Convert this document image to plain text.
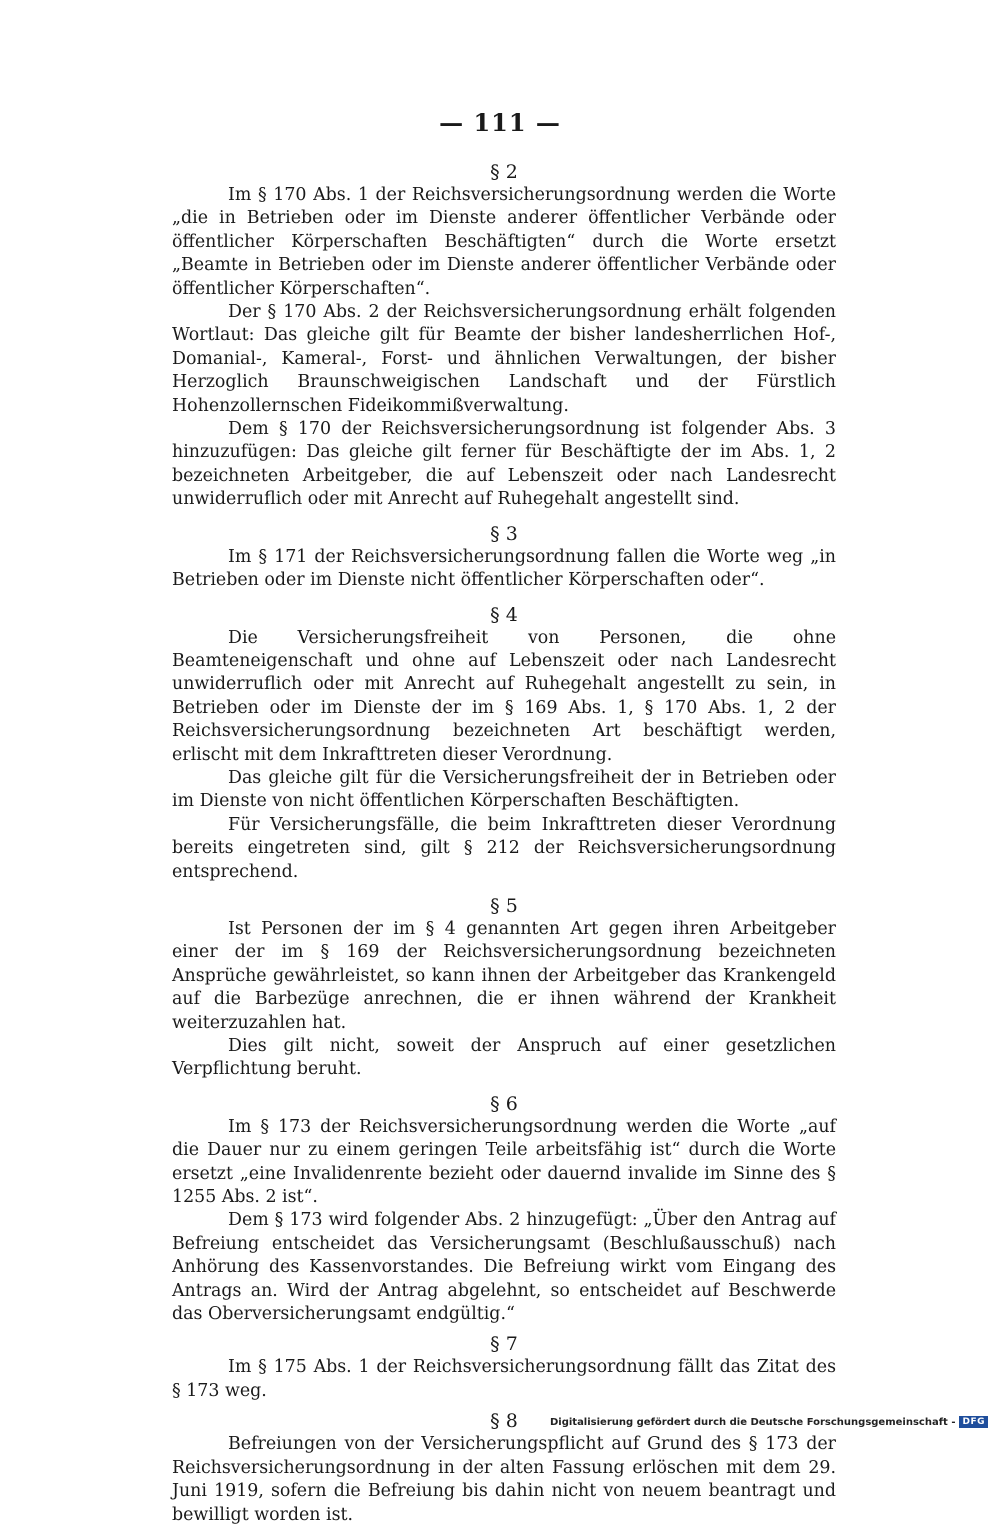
— 111 —

§ 2

Im § 170 Abs. 1 der Reichsversicherungsordnung werden die Worte „die in Betrieben oder im Dienste anderer öffentlicher Verbände oder öffentlicher Körperschaften Beschäftigten“ durch die Worte ersetzt „Beamte in Betrieben oder im Dienste anderer öffentlicher Verbände oder öffentlicher Körperschaften“.

Der § 170 Abs. 2 der Reichsversicherungsordnung erhält folgenden Wortlaut: Das gleiche gilt für Beamte der bisher landesherrlichen Hof-, Domanial-, Kameral-, Forst- und ähnlichen Verwaltungen, der bisher Herzoglich Braunschweigischen Landschaft und der Fürstlich Hohenzollernschen Fideikommißverwaltung.

Dem § 170 der Reichsversicherungsordnung ist folgender Abs. 3 hinzuzufügen: Das gleiche gilt ferner für Beschäftigte der im Abs. 1, 2 bezeichneten Arbeitgeber, die auf Lebenszeit oder nach Landesrecht unwiderruflich oder mit Anrecht auf Ruhegehalt angestellt sind.

§ 3

Im § 171 der Reichsversicherungsordnung fallen die Worte weg „in Betrieben oder im Dienste nicht öffentlicher Körperschaften oder“.

§ 4

Die Versicherungsfreiheit von Personen, die ohne Beamteneigenschaft und ohne auf Lebenszeit oder nach Landesrecht unwiderruflich oder mit Anrecht auf Ruhegehalt angestellt zu sein, in Betrieben oder im Dienste der im § 169 Abs. 1, § 170 Abs. 1, 2 der Reichsversicherungsordnung bezeichneten Art beschäftigt werden, erlischt mit dem Inkrafttreten dieser Verordnung.

Das gleiche gilt für die Versicherungsfreiheit der in Betrieben oder im Dienste von nicht öffentlichen Körperschaften Beschäftigten.

Für Versicherungsfälle, die beim Inkrafttreten dieser Verordnung bereits eingetreten sind, gilt § 212 der Reichsversicherungsordnung entsprechend.

§ 5

Ist Personen der im § 4 genannten Art gegen ihren Arbeitgeber einer der im § 169 der Reichsversicherungsordnung bezeichneten Ansprüche gewährleistet, so kann ihnen der Arbeitgeber das Krankengeld auf die Barbezüge anrechnen, die er ihnen während der Krankheit weiterzuzahlen hat.

Dies gilt nicht, soweit der Anspruch auf einer gesetzlichen Verpflichtung beruht.

§ 6

Im § 173 der Reichsversicherungsordnung werden die Worte „auf die Dauer nur zu einem geringen Teile arbeitsfähig ist“ durch die Worte ersetzt „eine Invalidenrente bezieht oder dauernd invalide im Sinne des § 1255 Abs. 2 ist“.

Dem § 173 wird folgender Abs. 2 hinzugefügt: „Über den Antrag auf Befreiung entscheidet das Versicherungsamt (Beschlußausschuß) nach Anhörung des Kassenvorstandes. Die Befreiung wirkt vom Eingang des Antrags an. Wird der Antrag abgelehnt, so entscheidet auf Beschwerde das Oberversicherungsamt endgültig.“

§ 7

Im § 175 Abs. 1 der Reichsversicherungsordnung fällt das Zitat des § 173 weg.

§ 8

Befreiungen von der Versicherungspflicht auf Grund des § 173 der Reichsversicherungsordnung in der alten Fassung erlöschen mit dem 29. Juni 1919, sofern die Befreiung bis dahin nicht von neuem beantragt und bewilligt worden ist.

Digitalisierung gefördert durch die Deutsche Forschungsgemeinschaft - DFG
